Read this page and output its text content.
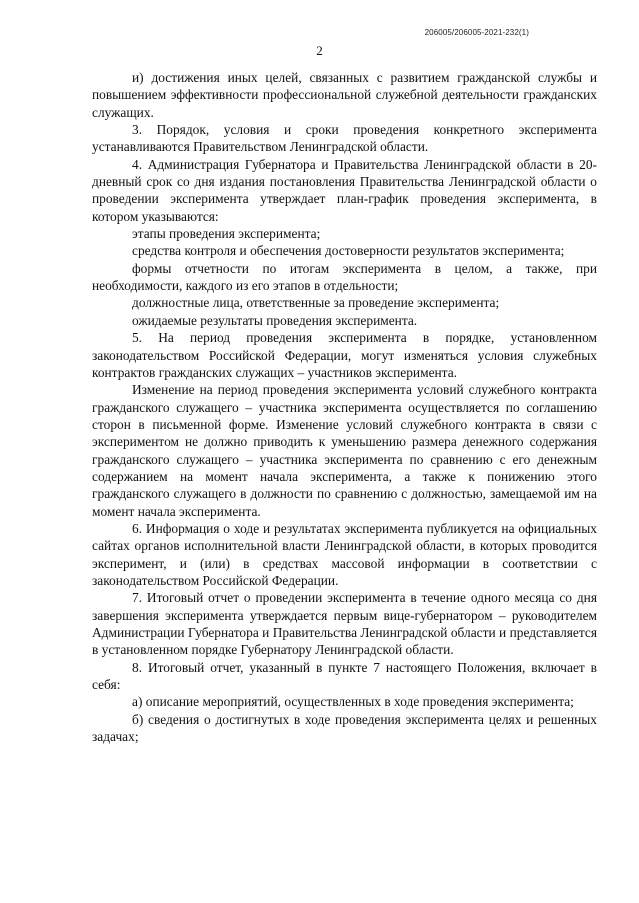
206005/206005-2021-232(1)
2

и) достижения иных целей, связанных с развитием гражданской службы и повышением эффективности профессиональной служебной деятельности гражданских служащих.

3. Порядок, условия и сроки проведения конкретного эксперимента устанавливаются Правительством Ленинградской области.

4. Администрация Губернатора и Правительства Ленинградской области в 20-дневный срок со дня издания постановления Правительства Ленинградской области о проведении эксперимента утверждает план-график проведения эксперимента, в котором указываются:

этапы проведения эксперимента;

средства контроля и обеспечения достоверности результатов эксперимента;

формы отчетности по итогам эксперимента в целом, а также, при необходимости, каждого из его этапов в отдельности;

должностные лица, ответственные за проведение эксперимента;

ожидаемые результаты проведения эксперимента.

5. На период проведения эксперимента в порядке, установленном законодательством Российской Федерации, могут изменяться условия служебных контрактов гражданских служащих – участников эксперимента.

Изменение на период проведения эксперимента условий служебного контракта гражданского служащего – участника эксперимента осуществляется по соглашению сторон в письменной форме. Изменение условий служебного контракта в связи с экспериментом не должно приводить к уменьшению размера денежного содержания гражданского служащего – участника эксперимента по сравнению с его денежным содержанием на момент начала эксперимента, а также к понижению этого гражданского служащего в должности по сравнению с должностью, замещаемой им на момент начала эксперимента.

6. Информация о ходе и результатах эксперимента публикуется на официальных сайтах органов исполнительной власти Ленинградской области, в которых проводится эксперимент, и (или) в средствах массовой информации в соответствии с законодательством Российской Федерации.

7. Итоговый отчет о проведении эксперимента в течение одного месяца со дня завершения эксперимента утверждается первым вице-губернатором – руководителем Администрации Губернатора и Правительства Ленинградской области и представляется в установленном порядке Губернатору Ленинградской области.

8. Итоговый отчет, указанный в пункте 7 настоящего Положения, включает в себя:

а) описание мероприятий, осуществленных в ходе проведения эксперимента;

б) сведения о достигнутых в ходе проведения эксперимента целях и решенных задачах;
